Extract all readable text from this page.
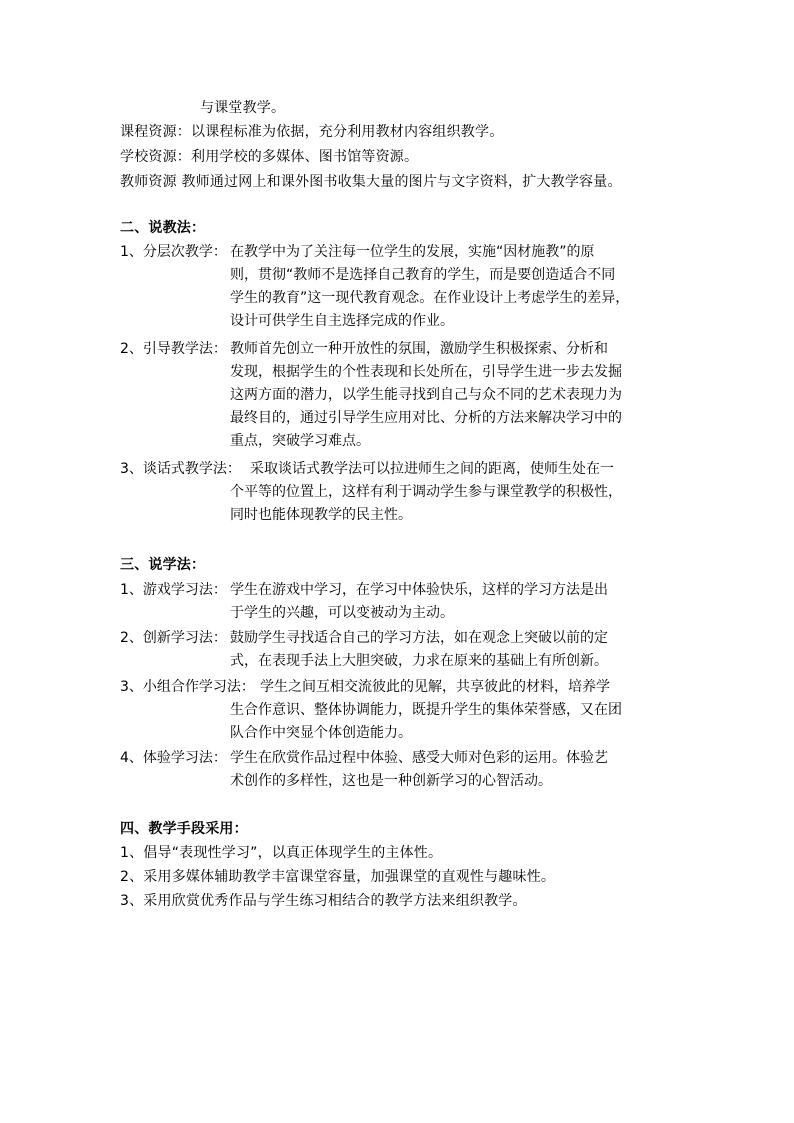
与课堂教学。
课程资源：以课程标准为依据，充分利用教材内容组织教学。
学校资源：利用学校的多媒体、图书馆等资源。
教师资源 教师通过网上和课外图书收集大量的图片与文字资料，扩大教学容量。
二、说教法：
1、分层次教学： 在教学中为了关注每一位学生的发展，实施“因材施教”的原
则，贯彻“教师不是选择自己教育的学生，而是要创造适合不同
学生的教育”这一现代教育观念。在作业设计上考虑学生的差异，
设计可供学生自主选择完成的作业。
2、引导教学法： 教师首先创立一种开放性的氛围，激励学生积极探索、分析和
发现，根据学生的个性表现和长处所在，引导学生进一步去发掘
这两方面的潜力，以学生能寻找到自己与众不同的艺术表现力为
最终目的，通过引导学生应用对比、分析的方法来解决学习中的
重点，突破学习难点。
3、谈话式教学法： 采取谈话式教学法可以拉进师生之间的距离，使师生处在一
个平等的位置上，这样有利于调动学生参与课堂教学的积极性，
同时也能体现教学的民主性。
三、说学法：
1、游戏学习法： 学生在游戏中学习，在学习中体验快乐，这样的学习方法是出
于学生的兴趣，可以变被动为主动。
2、创新学习法： 鼓励学生寻找适合自己的学习方法，如在观念上突破以前的定
式，在表现手法上大胆突破，力求在原来的基础上有所创新。
3、小组合作学习法： 学生之间互相交流彼此的见解，共享彼此的材料，培养学
生合作意识、整体协调能力，既提升学生的集体荣誉感，又在团
队合作中突显个体创造能力。
4、体验学习法： 学生在欣赏作品过程中体验、感受大师对色彩的运用。体验艺
术创作的多样性，这也是一种创新学习的心智活动。
四、教学手段采用：
1、倡导“表现性学习”，以真正体现学生的主体性。
2、采用多媒体辅助教学丰富课堂容量，加强课堂的直观性与趣味性。
3、采用欣赏优秀作品与学生练习相结合的教学方法来组织教学。
